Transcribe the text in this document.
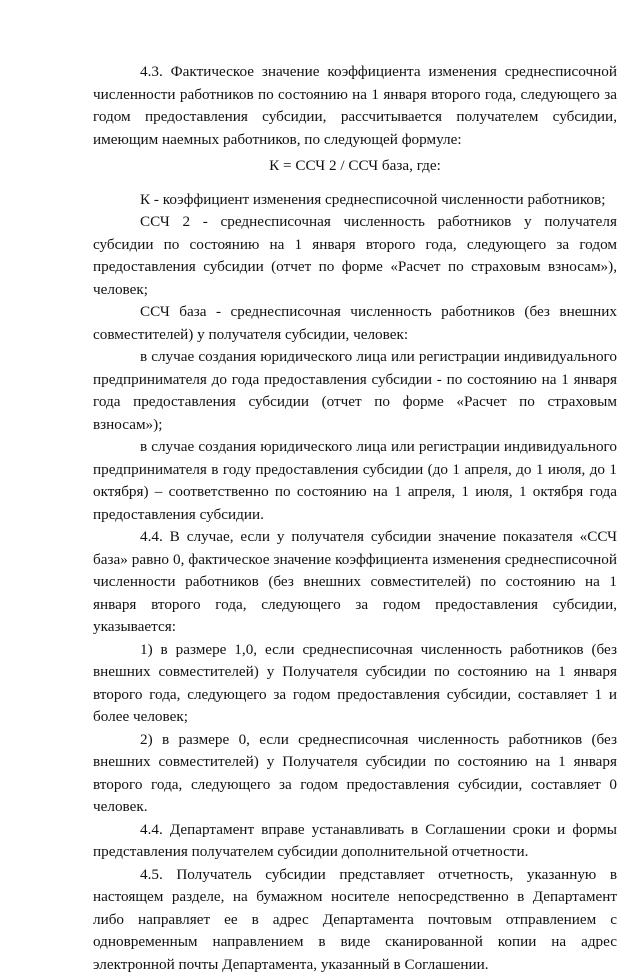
4.3. Фактическое значение коэффициента изменения среднесписочной численности работников по состоянию на 1 января второго года, следующего за годом предоставления субсидии, рассчитывается получателем субсидии, имеющим наемных работников, по следующей формуле:

К = ССЧ 2 / ССЧ база, где:

К - коэффициент изменения среднесписочной численности работников;

ССЧ 2 - среднесписочная численность работников у получателя субсидии по состоянию на 1 января второго года, следующего за годом предоставления субсидии (отчет по форме «Расчет по страховым взносам»), человек;

ССЧ база - среднесписочная численность работников (без внешних совместителей) у получателя субсидии, человек:

в случае создания юридического лица или регистрации индивидуального предпринимателя до года предоставления субсидии - по состоянию на 1 января года предоставления субсидии (отчет по форме «Расчет по страховым взносам»);

в случае создания юридического лица или регистрации индивидуального предпринимателя в году предоставления субсидии (до 1 апреля, до 1 июля, до 1 октября) – соответственно по состоянию на 1 апреля, 1 июля, 1 октября года предоставления субсидии.

4.4. В случае, если у получателя субсидии значение показателя «ССЧ база» равно 0, фактическое значение коэффициента изменения среднесписочной численности работников (без внешних совместителей) по состоянию на 1 января второго года, следующего за годом предоставления субсидии, указывается:

1) в размере 1,0, если среднесписочная численность работников (без внешних совместителей) у Получателя субсидии по состоянию на 1 января второго года, следующего за годом предоставления субсидии, составляет 1 и более человек;

2) в размере 0, если среднесписочная численность работников (без внешних совместителей) у Получателя субсидии по состоянию на 1 января второго года, следующего за годом предоставления субсидии, составляет 0 человек.

4.4. Департамент вправе устанавливать в Соглашении сроки и формы представления получателем субсидии дополнительной отчетности.

4.5. Получатель субсидии представляет отчетность, указанную в настоящем разделе, на бумажном носителе непосредственно в Департамент либо направляет ее в адрес Департамента почтовым отправлением с одновременным направлением в виде сканированной копии на адрес электронной почты Департамента, указанный в Соглашении.
